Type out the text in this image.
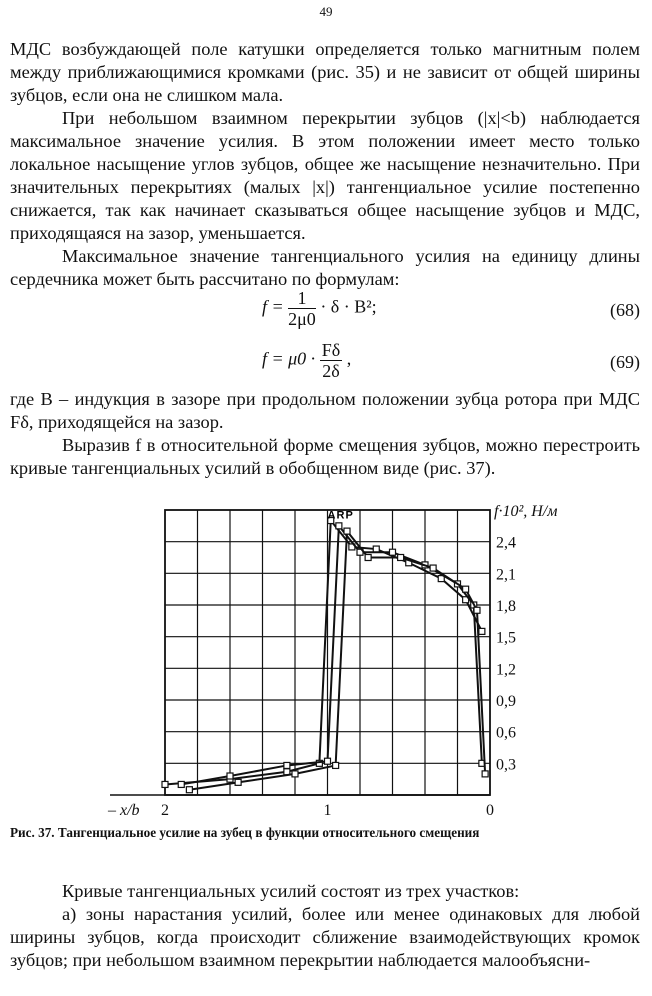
49

МДС возбуждающей поле катушки определяется только магнитным полем между приближающимися кромками (рис. 35) и не зависит от общей ширины зубцов, если она не слишком мала.

При небольшом взаимном перекрытии зубцов (|x|<b) наблюдается максимальное значение усилия. В этом положении имеет место только локальное насыщение углов зубцов, общее же насыщение незначительно. При значительных перекрытиях (малых |x|) тангенциальное усилие постепенно снижается, так как начинает сказываться общее насыщение зубцов и МДС, приходящаяся на зазор, уменьшается.

Максимальное значение тангенциального усилия на единицу длины сердечника может быть рассчитано по формулам:

$f = \frac{1}{2\mu 0} \cdot \delta \cdot B^2$;	(68)
$f = \mu 0 \cdot \frac{F\delta}{2\delta}$ ,	(69)

где B – индукция в зазоре при продольном положении зубца ротора при МДС Fδ, приходящейся на зазор.

Выразив f в относительной форме смещения зубцов, можно перестроить кривые тангенциальных усилий в обобщенном виде (рис. 37).

0,3
0,6
0,9
1,2
1,5
1,8
2,1
2,4
2	1	0
– x/b
f·10², Н/м
A R P
Рис. 37. Тангенциальное усилие на зубец в функции относительного смещения

Кривые тангенциальных усилий состоят из трех участков:

а) зоны нарастания усилий, более или менее одинаковых для любой ширины зубцов, когда происходит сближение взаимодействующих кромок зубцов; при небольшом взаимном перекрытии наблюдается малообъясни-
